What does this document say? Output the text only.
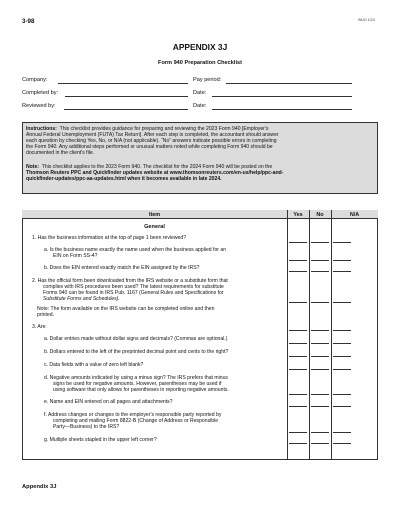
3-98	WUG 1/24
APPENDIX 3J
Form 940 Preparation Checklist
Company:	Pay period:
Completed by:	Date:
Reviewed by:	Date:
Instructions: This checklist provides guidance for preparing and reviewing the 2023 Form 940 [Employer's
Annual Federal Unemployment (FUTA) Tax Return]. After each step is completed, the accountant should answer
each question by checking Yes, No, or N/A (not applicable). “No” answers indicate possible errors in completing
the Form 940. Any additional steps performed or unusual matters noted while completing Form 940 should be
documented in the client's file.
Note: This checklist applies to the 2023 Form 940. The checklist for the 2024 Form 940 will be posted on the
Thomson Reuters PPC and Quickfinder updates website at www.thomsonreuters.com/en-us/help/ppc-and-
quickfinder-updates/ppc-aa-updates.html when it becomes available in late 2024.
Item	Yes	No	N/A
General
1. Has the business information at the top of page 1 been reviewed?
a. Is the business name exactly the name used when the business applied for an
EIN on Form SS-4?
b. Does the EIN entered exactly match the EIN assigned by the IRS?
2. Has the official form been downloaded from the IRS website or a substitute form that
complies with IRS procedures been used? The latest requirements for substitute
Forms 940 can be found in IRS Pub. 1167 (General Rules and Specifications for
Substitute Forms and Schedules).
Note: The form available on the IRS website can be completed online and then
printed.
3. Are:
a. Dollar entries made without dollar signs and decimals? (Commas are optional.)
b. Dollars entered to the left of the preprinted decimal point and cents to the right?
c. Data fields with a value of zero left blank?
d. Negative amounts indicated by using a minus sign? The IRS prefers that minus
signs be used for negative amounts. However, parentheses may be used if
using software that only allows for parentheses in reporting negative amounts.
e. Name and EIN entered on all pages and attachments?
f. Address changes or changes to the employer's responsible party reported by
completing and mailing Form 8822-B (Change of Address or Responsible
Party—Business) to the IRS?
g. Multiple sheets stapled in the upper left corner?
Appendix 3J
